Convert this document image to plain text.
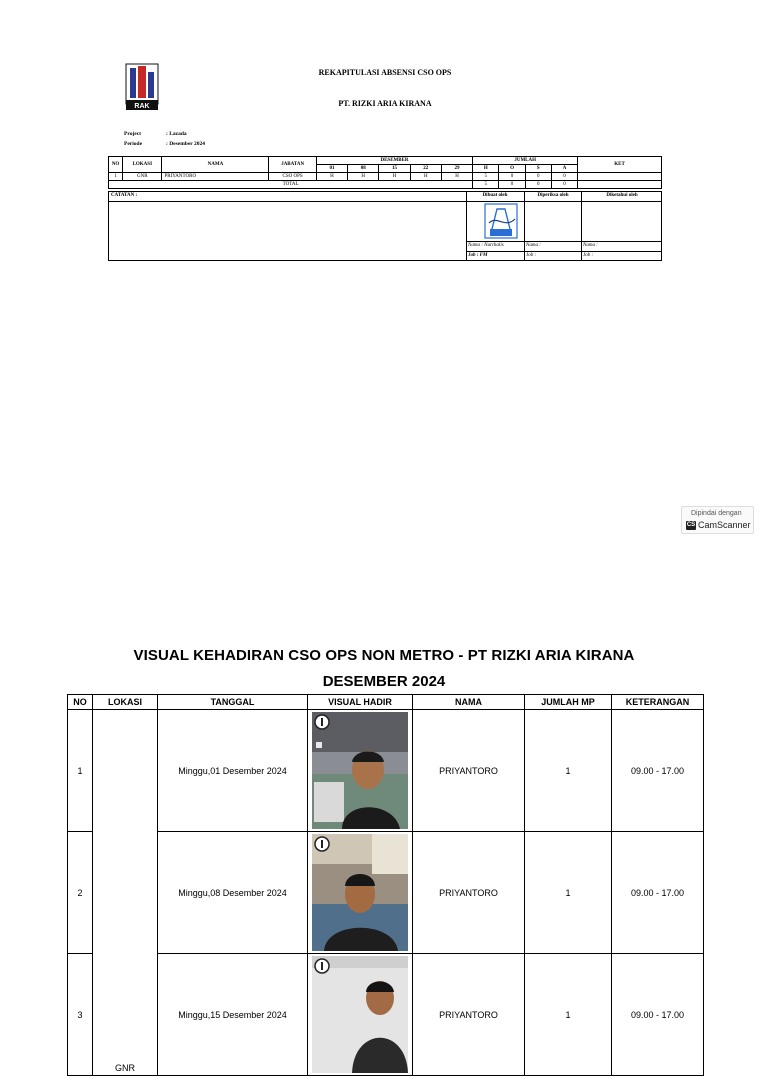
RAK
REKAPITULASI ABSENSI CSO OPS
PT. RIZKI ARIA KIRANA
Project	: Lazada
Periode	: Desember 2024
NO	LOKASI	NAMA	JABATAN	DESEMBER					JUMLAH				KET
				01	08	15	22	29	H	O	S	A	
1	GNR	PRIYANTORO	CSO OPS	H	H	H	H	H	5	0	0	0	
TOTAL									5	0	0	0	
CATATAN :	Dibuat oleh	Diperiksa oleh	Diketahui oleh
Nama : Nurchalis	Nama :	Nama :
Job : FM	Job :	Job :
Dipindai dengan
CS CamScanner
VISUAL KEHADIRAN CSO OPS NON METRO - PT RIZKI ARIA KIRANA
DESEMBER 2024
NO	LOKASI	TANGGAL	VISUAL HADIR	NAMA	JUMLAH MP	KETERANGAN
1	GNR	Minggu,01 Desember 2024		PRIYANTORO	1	09.00 - 17.00
2		Minggu,08 Desember 2024		PRIYANTORO	1	09.00 - 17.00
3		Minggu,15 Desember 2024		PRIYANTORO	1	09.00 - 17.00
